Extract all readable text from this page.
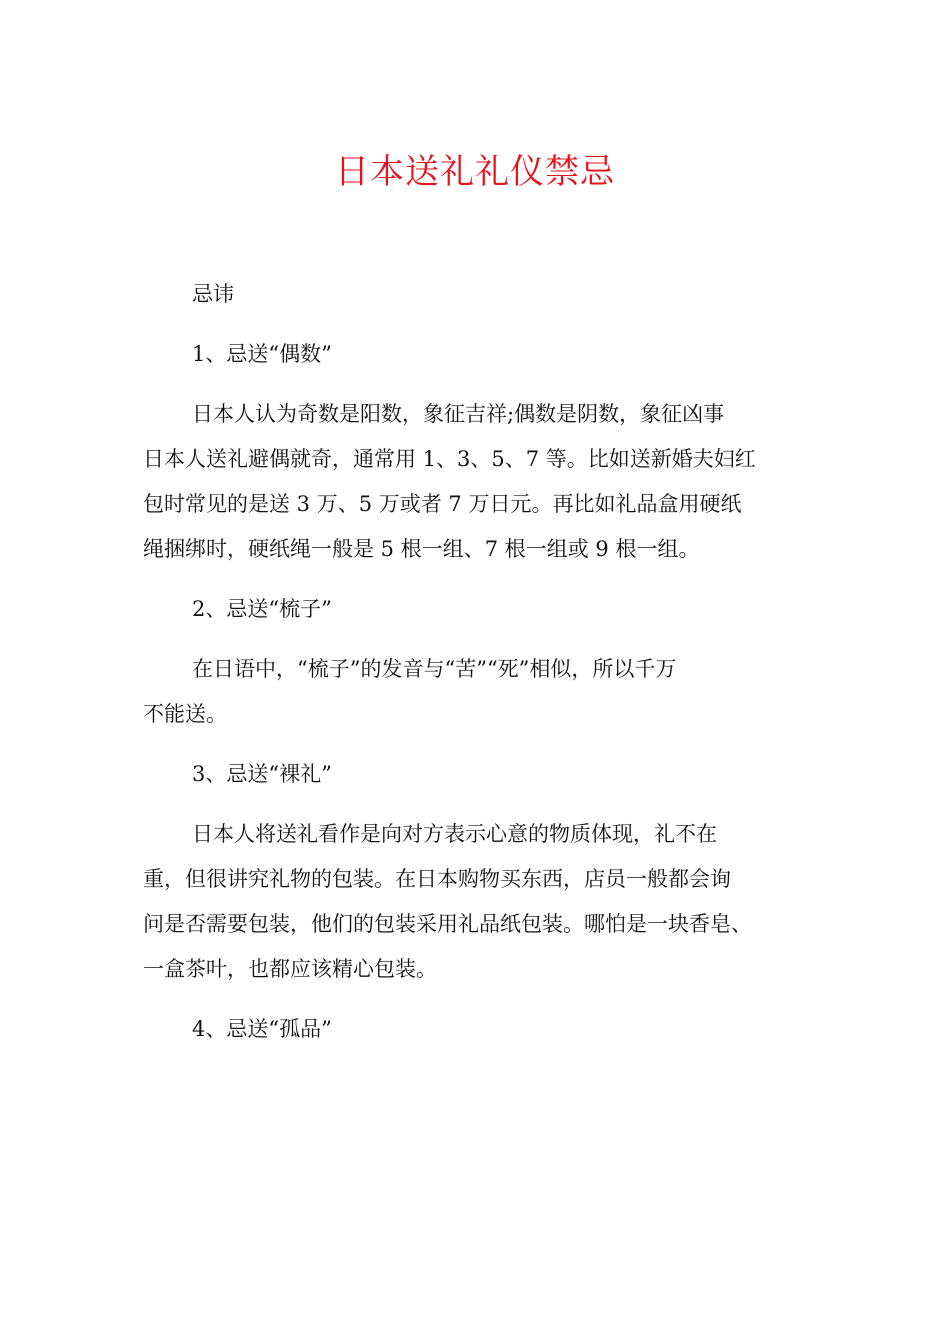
日本送礼礼仪禁忌
忌讳
1、忌送“偶数”
日本人认为奇数是阳数，象征吉祥;偶数是阴数，象征凶事
日本人送礼避偶就奇，通常用 1、3、5、7 等。比如送新婚夫妇红
包时常见的是送 3 万、5 万或者 7 万日元。再比如礼品盒用硬纸
绳捆绑时，硬纸绳一般是 5 根一组、7 根一组或 9 根一组。
2、忌送“梳子”
在日语中，“梳子”的发音与“苦”“死”相似，所以千万
不能送。
3、忌送“裸礼”
日本人将送礼看作是向对方表示心意的物质体现，礼不在
重，但很讲究礼物的包装。在日本购物买东西，店员一般都会询
问是否需要包装，他们的包装采用礼品纸包装。哪怕是一块香皂、
一盒茶叶，也都应该精心包装。
4、忌送“孤品”
